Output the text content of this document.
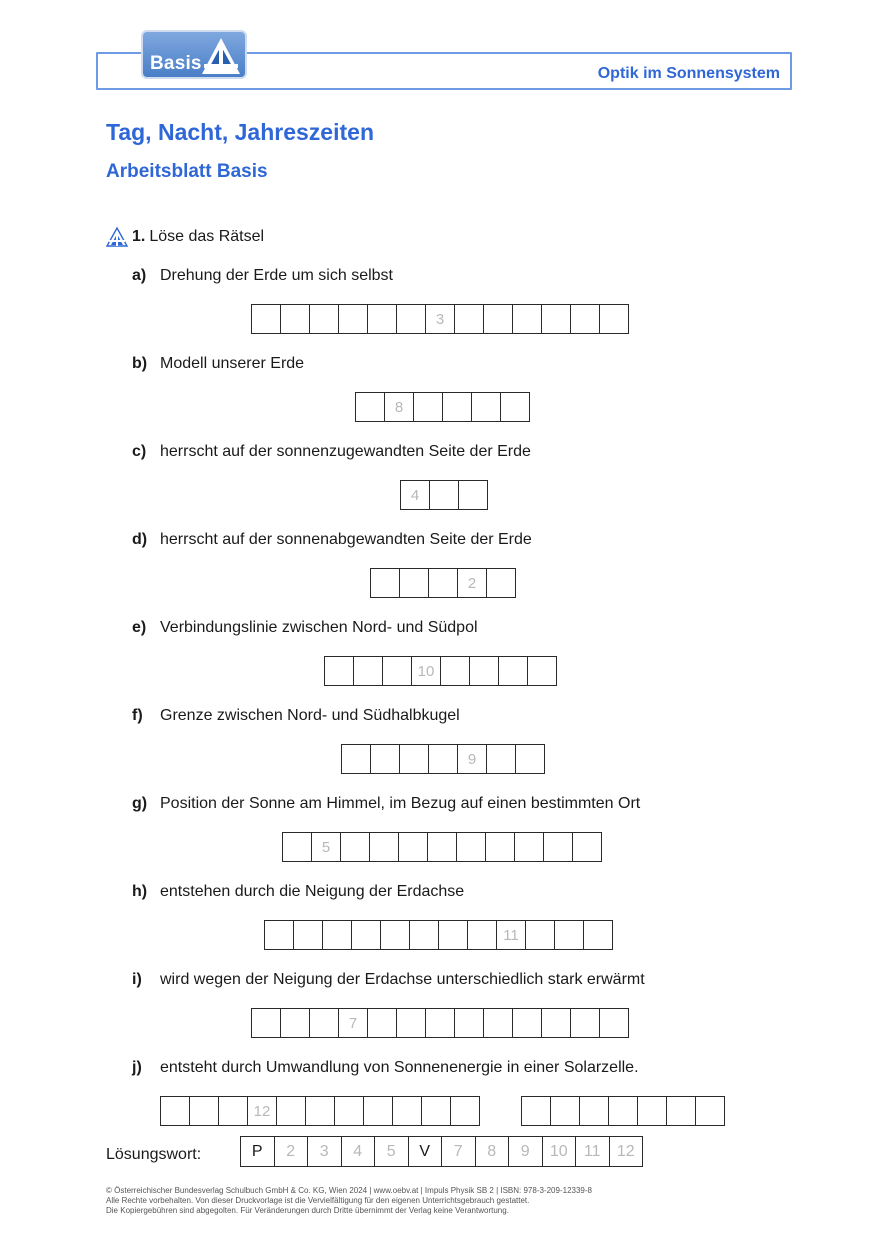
Optik im Sonnensystem
Basis
Tag, Nacht, Jahreszeiten
Arbeitsblatt Basis
1. Löse das Rätsel
a) Drehung der Erde um sich selbst
3
b) Modell unserer Erde
8
c) herrscht auf der sonnenzugewandten Seite der Erde
4
d) herrscht auf der sonnenabgewandten Seite der Erde
2
e) Verbindungslinie zwischen Nord- und Südpol
10
f) Grenze zwischen Nord- und Südhalbkugel
9
g) Position der Sonne am Himmel, im Bezug auf einen bestimmten Ort
5
h) entstehen durch die Neigung der Erdachse
11
i) wird wegen der Neigung der Erdachse unterschiedlich stark erwärmt
7
j) entsteht durch Umwandlung von Sonnenenergie in einer Solarzelle.
12
Lösungswort:	P	2	3	4	5	V	7	8	9	10	11	12
© Österreichischer Bundesverlag Schulbuch GmbH & Co. KG, Wien 2024 | www.oebv.at | Impuls Physik SB 2 | ISBN: 978-3-209-12339-8
Alle Rechte vorbehalten. Von dieser Druckvorlage ist die Vervielfältigung für den eigenen Unterrichtsgebrauch gestattet.
Die Kopiergebühren sind abgegolten. Für Veränderungen durch Dritte übernimmt der Verlag keine Verantwortung.
